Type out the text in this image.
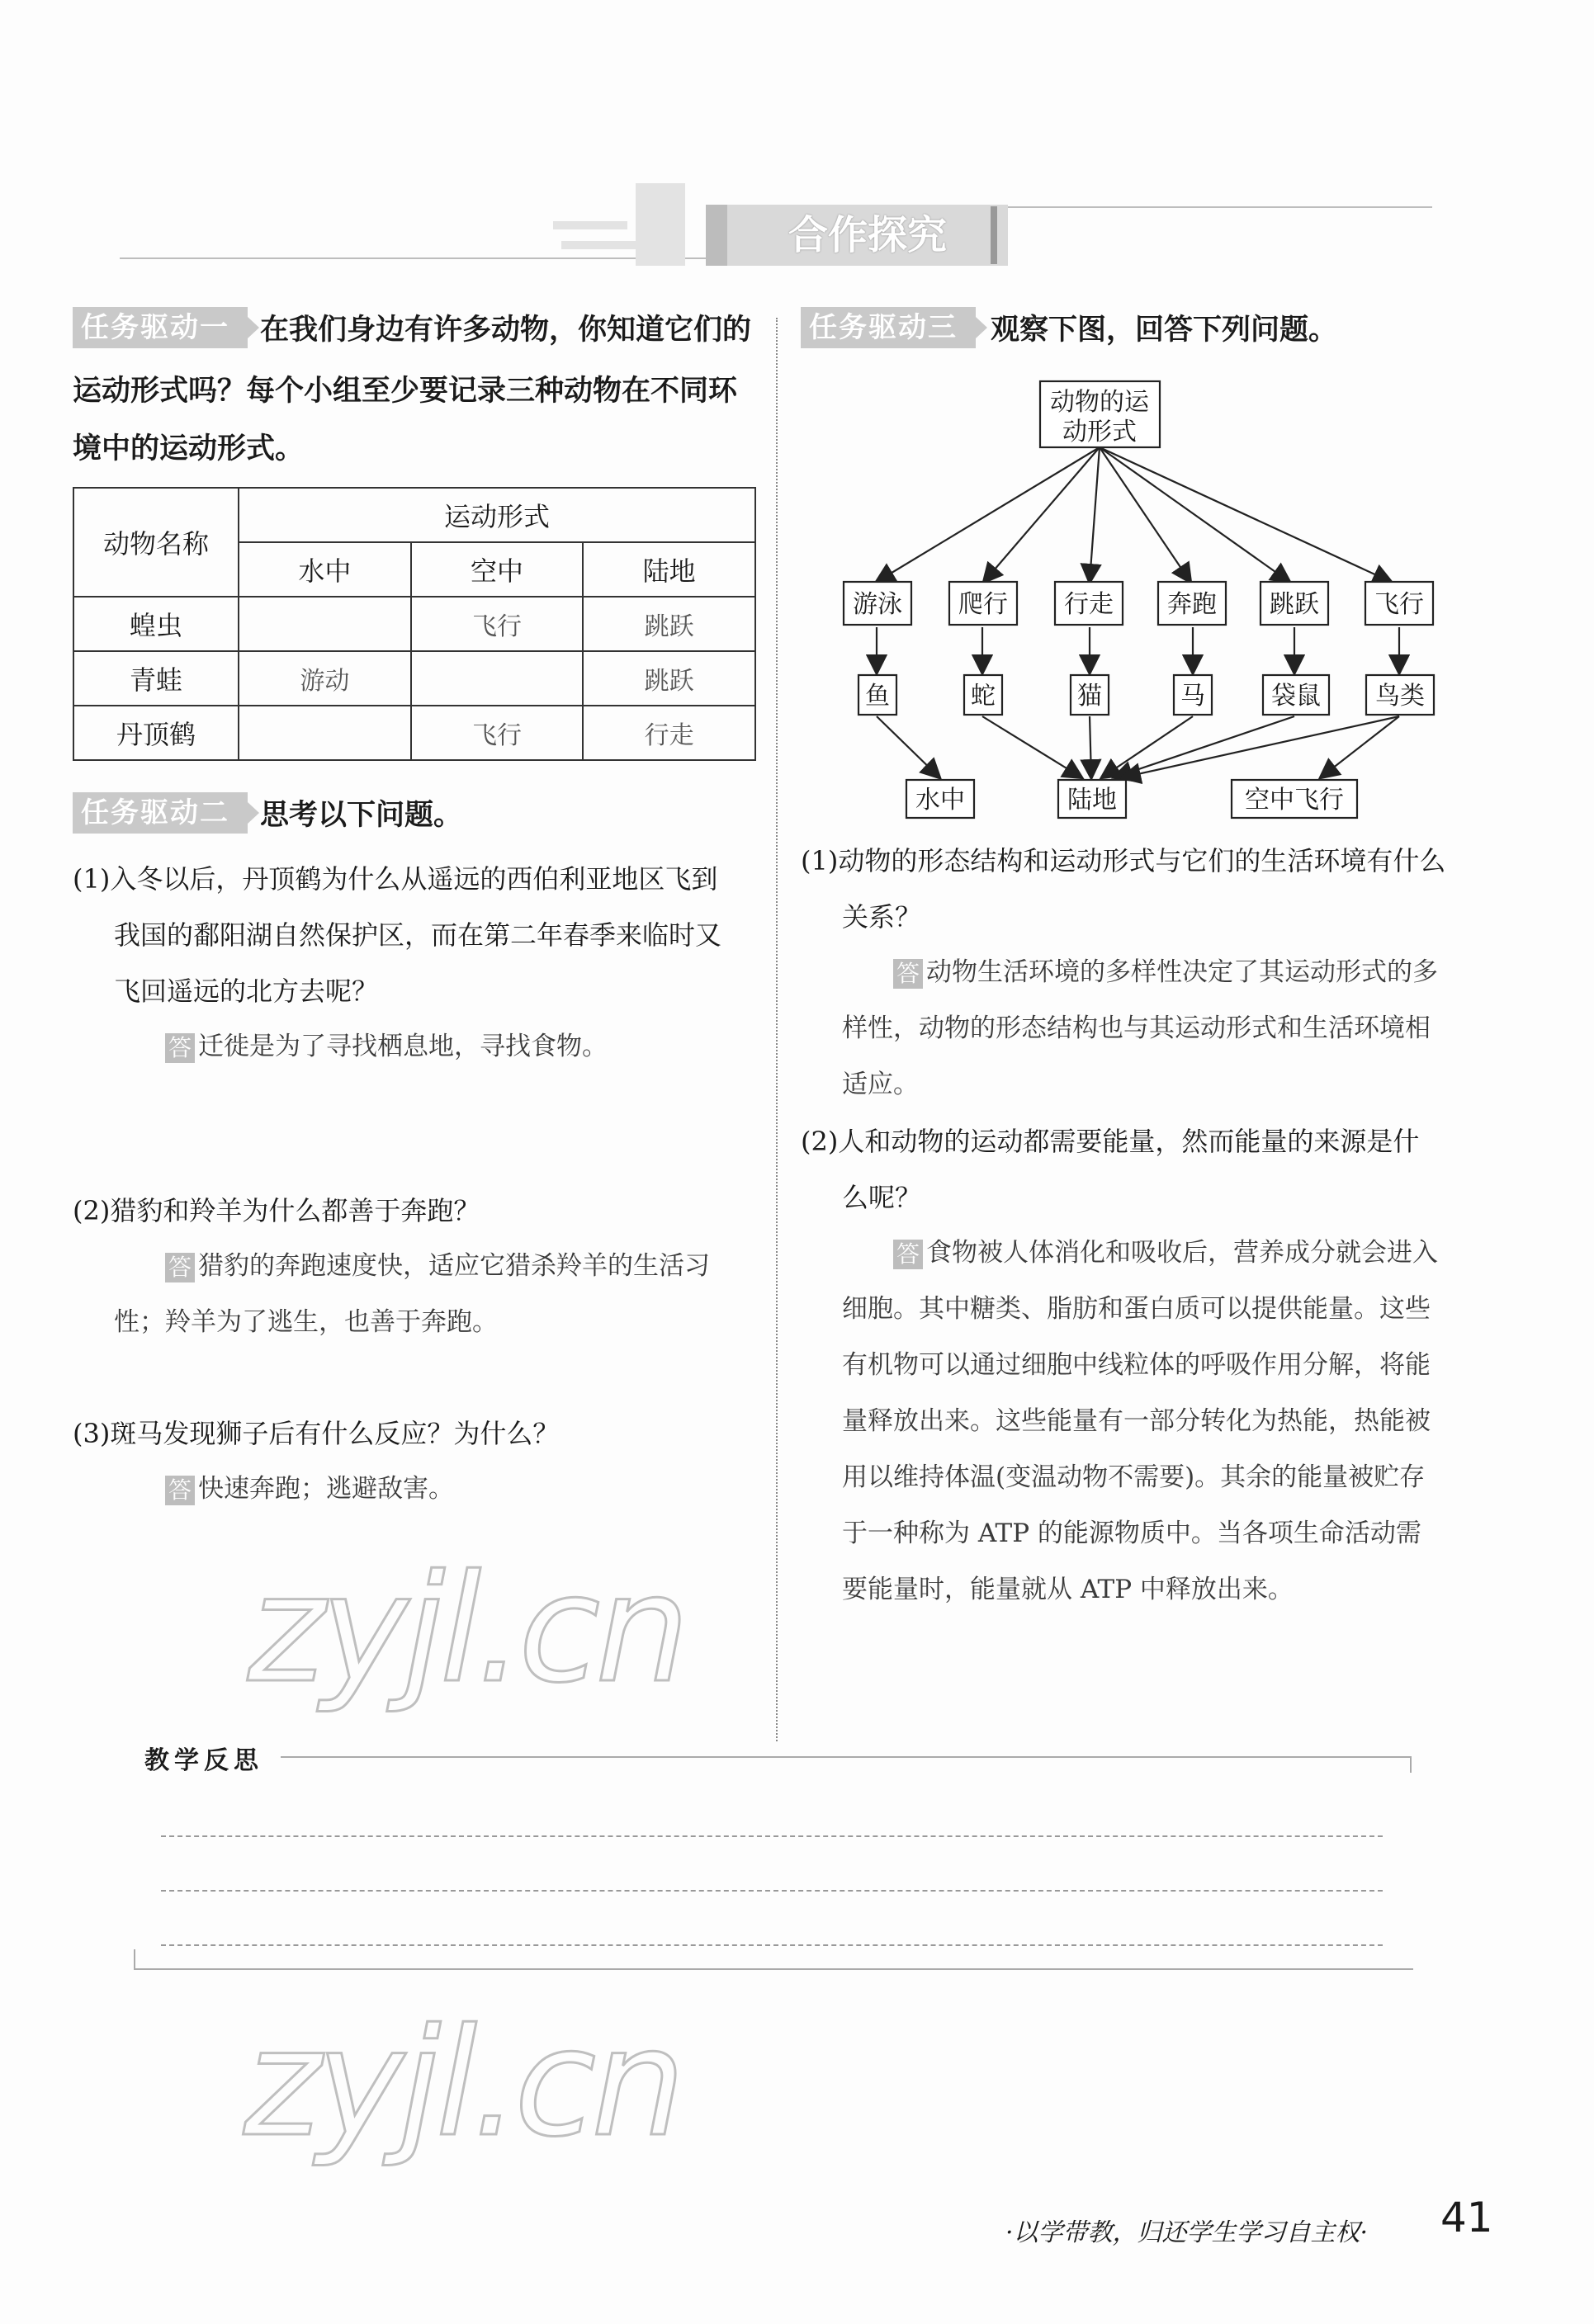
合作探究
任务驱动一	在我们身边有许多动物，你知道它们的
运动形式吗？每个小组至少要记录三种动物在不同环
境中的运动形式。
动物名称	运动形式		
	水中	空中	陆地
蝗虫		飞行	跳跃
青蛙	游动		跳跃
丹顶鹤		飞行	行走
任务驱动二	思考以下问题。
(1)入冬以后，丹顶鹤为什么从遥远的西伯利亚地区飞到
我国的鄱阳湖自然保护区，而在第二年春季来临时又
飞回遥远的北方去呢？
答 迁徙是为了寻找栖息地，寻找食物。
(2)猎豹和羚羊为什么都善于奔跑？
答 猎豹的奔跑速度快，适应它猎杀羚羊的生活习
性；羚羊为了逃生，也善于奔跑。
(3)斑马发现狮子后有什么反应？为什么？
答 快速奔跑；逃避敌害。
任务驱动三	观察下图，回答下列问题。
动物的运
动形式
游泳 爬行 行走 奔跑 跳跃 飞行
鱼	蛇	猫	马	袋鼠 鸟类
水中	陆地	空中飞行
(1)动物的形态结构和运动形式与它们的生活环境有什么
关系？
答 动物生活环境的多样性决定了其运动形式的多
样性，动物的形态结构也与其运动形式和生活环境相
适应。
(2)人和动物的运动都需要能量，然而能量的来源是什
么呢？
答 食物被人体消化和吸收后，营养成分就会进入
细胞。其中糖类、脂肪和蛋白质可以提供能量。这些
有机物可以通过细胞中线粒体的呼吸作用分解，将能
量释放出来。这些能量有一部分转化为热能，热能被
用以维持体温(变温动物不需要)。其余的能量被贮存
于一种称为 ATP 的能源物质中。当各项生命活动需
要能量时，能量就从 ATP 中释放出来。
zyjl.cn
zyjl.cn
教学反思
·以学带教，归还学生学习自主权· 41
